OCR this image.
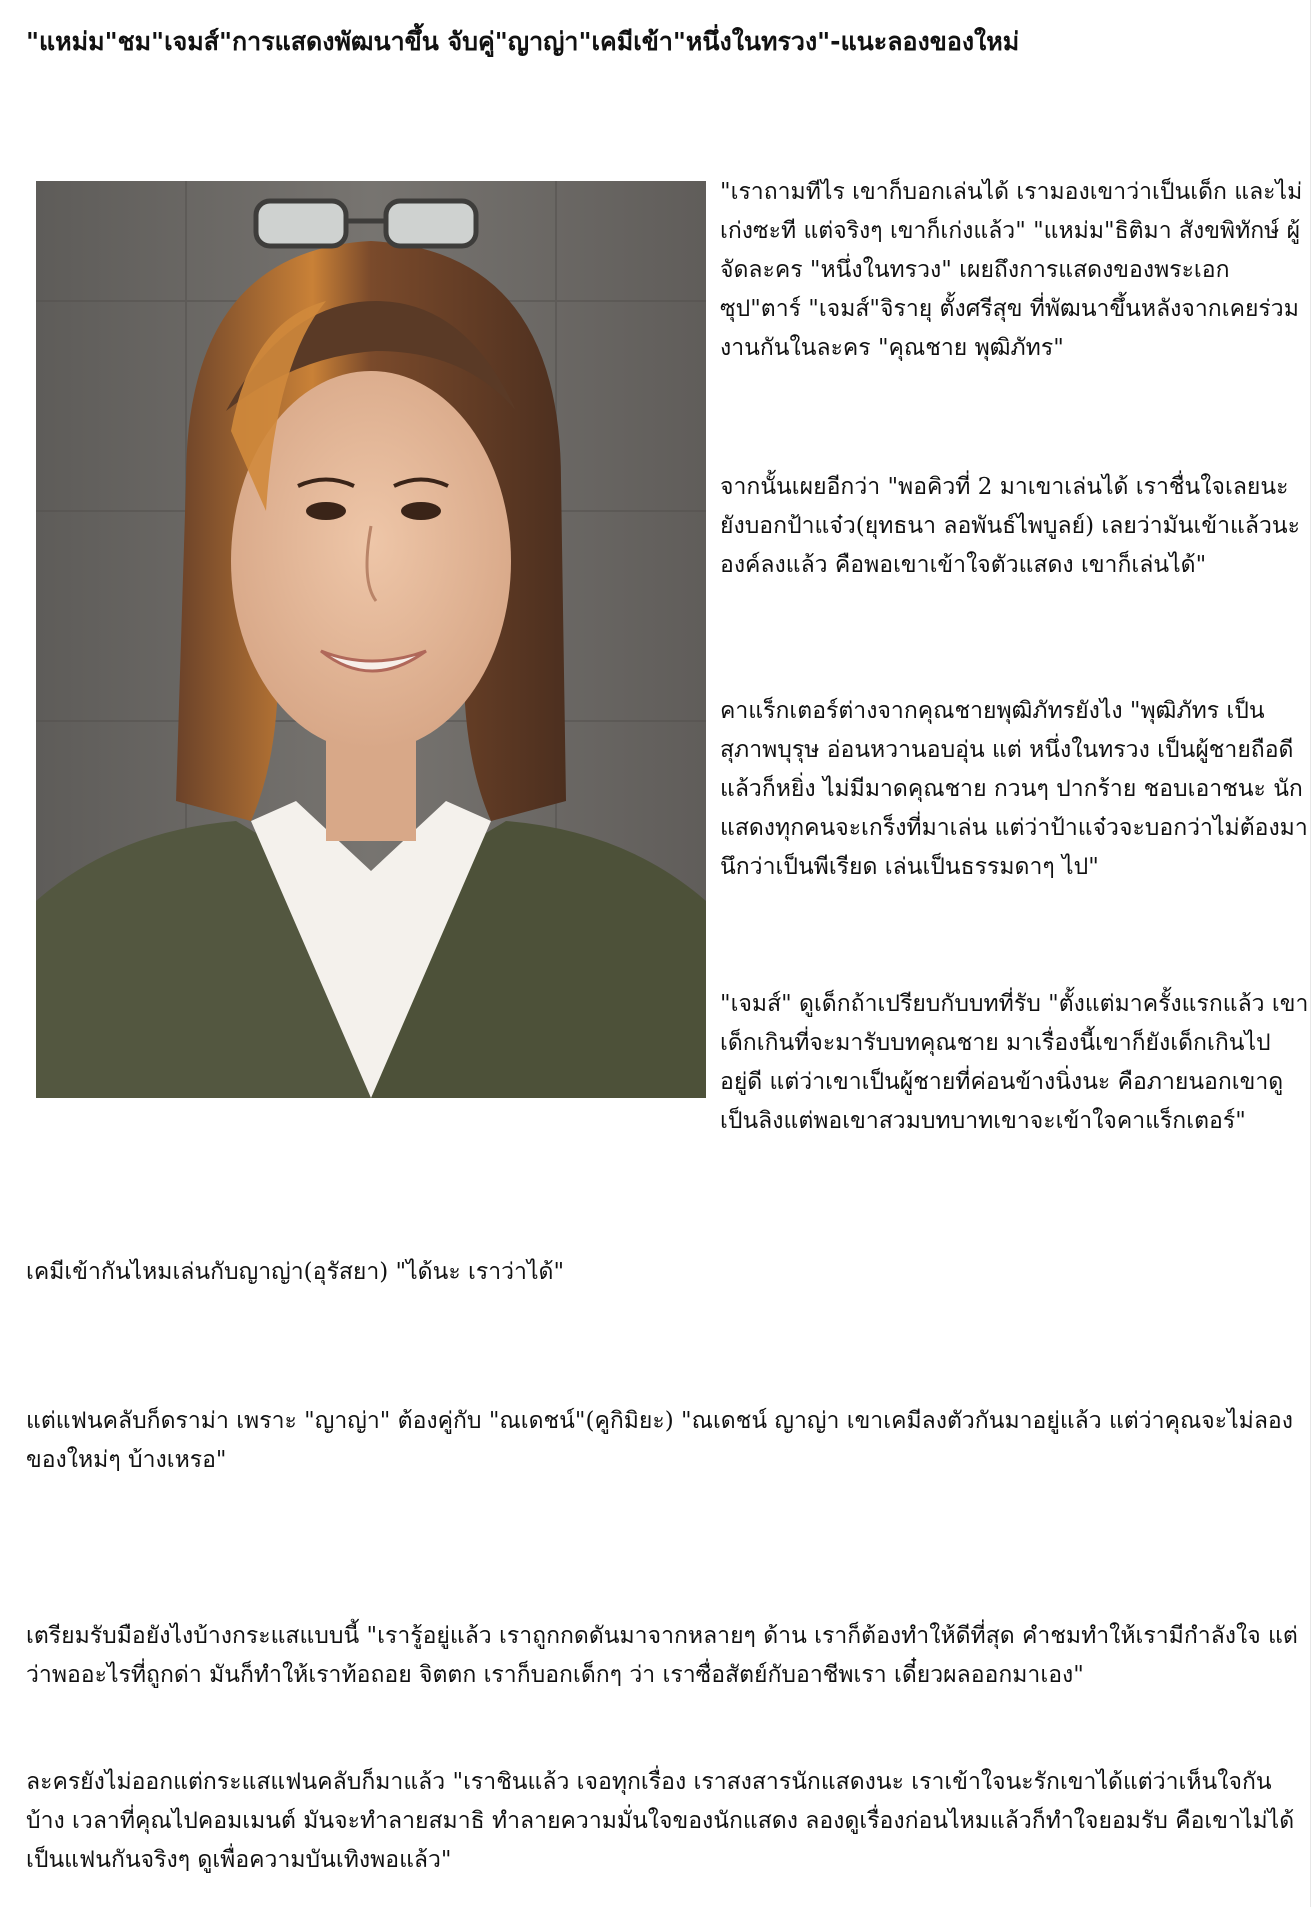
"แหม่ม"ชม"เจมส์"การแสดงพัฒนาขึ้น จับคู่"ญาญ่า"เคมีเข้า"หนึ่งในทรวง"-แนะลองของใหม่

"เราถามทีไร เขาก็บอกเล่นได้ เรามองเขาว่าเป็นเด็ก และไม่เก่งซะที แต่จริงๆ เขาก็เก่งแล้ว" "แหม่ม"ธิติมา สังขพิทักษ์ ผู้จัดละคร "หนึ่งในทรวง" เผยถึงการแสดงของพระเอกซุป"ตาร์ "เจมส์"จิรายุ ตั้งศรีสุข ที่พัฒนาขึ้นหลังจากเคยร่วมงานกันในละคร "คุณชาย พุฒิภัทร"

จากนั้นเผยอีกว่า "พอคิวที่ 2 มาเขาเล่นได้ เราชื่นใจเลยนะ ยังบอกป้าแจ๋ว(ยุทธนา ลอพันธ์ไพบูลย์) เลยว่ามันเข้าแล้วนะ องค์ลงแล้ว คือพอเขาเข้าใจตัวแสดง เขาก็เล่นได้"

คาแร็กเตอร์ต่างจากคุณชายพุฒิภัทรยังไง "พุฒิภัทร เป็นสุภาพบุรุษ อ่อนหวานอบอุ่น แต่ หนึ่งในทรวง เป็นผู้ชายถือดี แล้วก็หยิ่ง ไม่มีมาดคุณชาย กวนๆ ปากร้าย ชอบเอาชนะ นักแสดงทุกคนจะเกร็งที่มาเล่น แต่ว่าป้าแจ๋วจะบอกว่าไม่ต้องมานึกว่าเป็นพีเรียด เล่นเป็นธรรมดาๆ ไป"

"เจมส์" ดูเด็กถ้าเปรียบกับบทที่รับ "ตั้งแต่มาครั้งแรกแล้ว เขาเด็กเกินที่จะมารับบทคุณชาย มาเรื่องนี้เขาก็ยังเด็กเกินไปอยู่ดี แต่ว่าเขาเป็นผู้ชายที่ค่อนข้างนิ่งนะ คือภายนอกเขาดูเป็นลิงแต่พอเขาสวมบทบาทเขาจะเข้าใจคาแร็กเตอร์"

เคมีเข้ากันไหมเล่นกับญาญ่า(อุรัสยา) "ได้นะ เราว่าได้"

แต่แฟนคลับก็ดราม่า เพราะ "ญาญ่า" ต้องคู่กับ "ณเดชน์"(คูกิมิยะ) "ณเดชน์ ญาญ่า เขาเคมีลงตัวกันมาอยู่แล้ว แต่ว่าคุณจะไม่ลองของใหม่ๆ บ้างเหรอ"

เตรียมรับมือยังไงบ้างกระแสแบบนี้ "เรารู้อยู่แล้ว เราถูกกดดันมาจากหลายๆ ด้าน เราก็ต้องทำให้ดีที่สุด คำชมทำให้เรามีกำลังใจ แต่ว่าพออะไรที่ถูกด่า มันก็ทำให้เราท้อถอย จิตตก เราก็บอกเด็กๆ ว่า เราซื่อสัตย์กับอาชีพเรา เดี๋ยวผลออกมาเอง"

ละครยังไม่ออกแต่กระแสแฟนคลับก็มาแล้ว "เราชินแล้ว เจอทุกเรื่อง เราสงสารนักแสดงนะ เราเข้าใจนะรักเขาได้แต่ว่าเห็นใจกันบ้าง เวลาที่คุณไปคอมเมนต์ มันจะทำลายสมาธิ ทำลายความมั่นใจของนักแสดง ลองดูเรื่องก่อนไหมแล้วก็ทำใจยอมรับ คือเขาไม่ได้เป็นแฟนกันจริงๆ ดูเพื่อความบันเทิงพอแล้ว"
